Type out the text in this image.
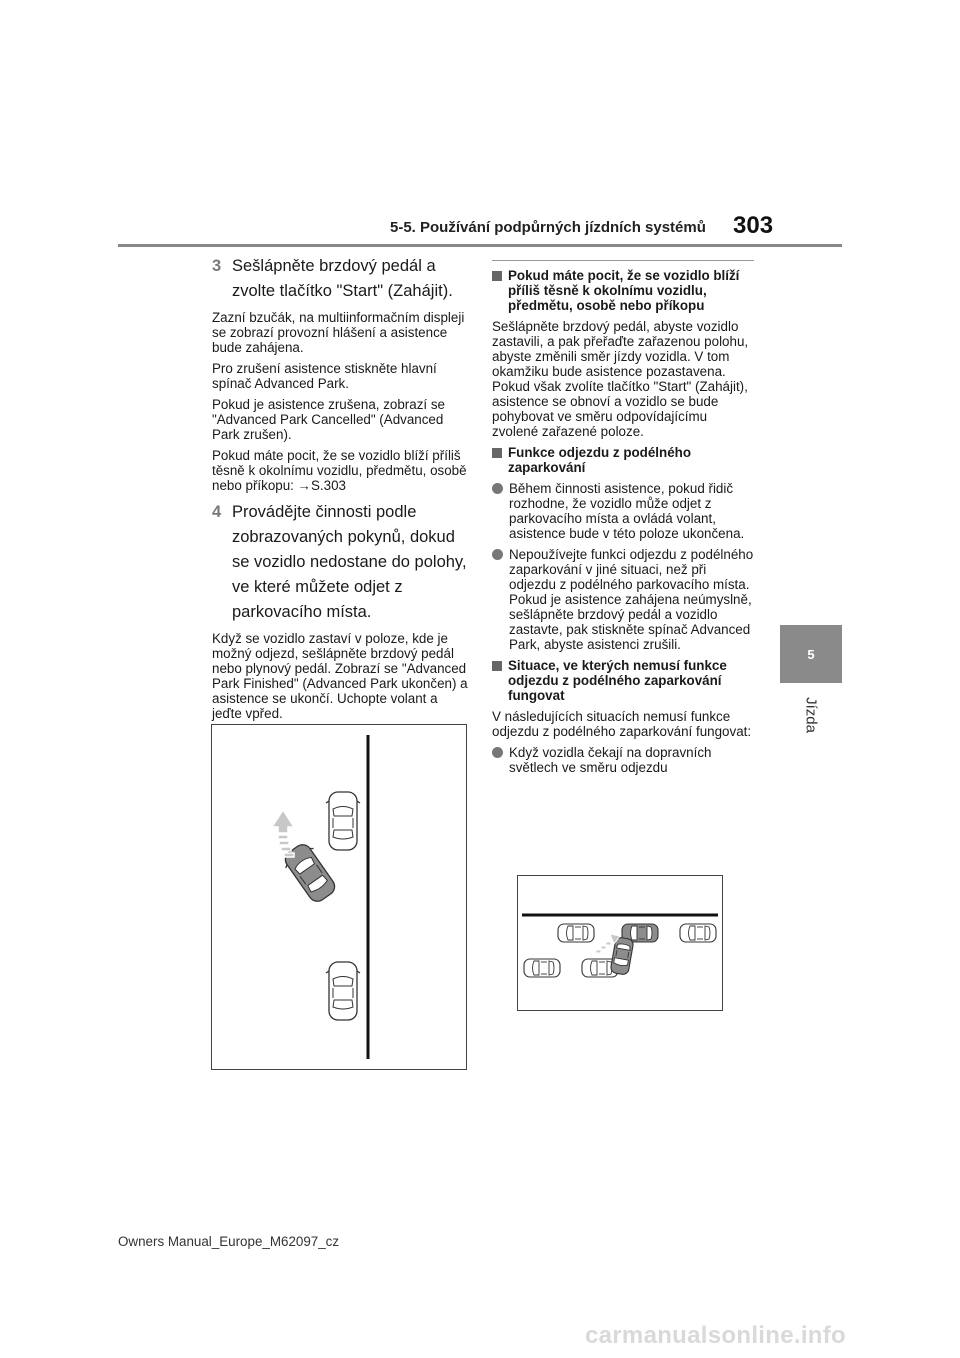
5-5. Používání podpůrných jízdních systémů 303
5
Jízda
3 Sešlápněte brzdový pedál a zvolte tlačítko "Start" (Zahájit).

Zazní bzučák, na multiinformačním displeji se zobrazí provozní hlášení a asistence bude zahájena.

Pro zrušení asistence stiskněte hlavní spínač Advanced Park.

Pokud je asistence zrušena, zobrazí se "Advanced Park Cancelled" (Advanced Park zrušen).

Pokud máte pocit, že se vozidlo blíží příliš těsně k okolnímu vozidlu, předmětu, osobě nebo příkopu: →S.303

4 Provádějte činnosti podle zobrazovaných pokynů, dokud se vozidlo nedostane do polohy, ve které můžete odjet z parkovacího místa.

Když se vozidlo zastaví v poloze, kde je možný odjezd, sešlápněte brzdový pedál nebo plynový pedál. Zobrazí se "Advanced Park Finished" (Advanced Park ukončen) a asistence se ukončí. Uchopte volant a jeďte vpřed.

Pokud máte pocit, že se vozidlo blíží příliš těsně k okolnímu vozidlu, předmětu, osobě nebo příkopu

Sešlápněte brzdový pedál, abyste vozidlo zastavili, a pak přeřaďte zařazenou polohu, abyste změnili směr jízdy vozidla. V tom okamžiku bude asistence pozastavena. Pokud však zvolíte tlačítko "Start" (Zahájit), asistence se obnoví a vozidlo se bude pohybovat ve směru odpovídajícímu zvolené zařazené poloze.

Funkce odjezdu z podélného zaparkování
Během činnosti asistence, pokud řidič rozhodne, že vozidlo může odjet z parkovacího místa a ovládá volant, asistence bude v této poloze ukončena.
Nepoužívejte funkci odjezdu z podélného zaparkování v jiné situaci, než při odjezdu z podélného parkovacího místa. Pokud je asistence zahájena neúmyslně, sešlápněte brzdový pedál a vozidlo zastavte, pak stiskněte spínač Advanced Park, abyste asistenci zrušili.
Situace, ve kterých nemusí funkce odjezdu z podélného zaparkování fungovat

V následujících situacích nemusí funkce odjezdu z podélného zaparkování fungovat:

Když vozidla čekají na dopravních světlech ve směru odjezdu
Owners Manual_Europe_M62097_cz
carmanualsonline.info
